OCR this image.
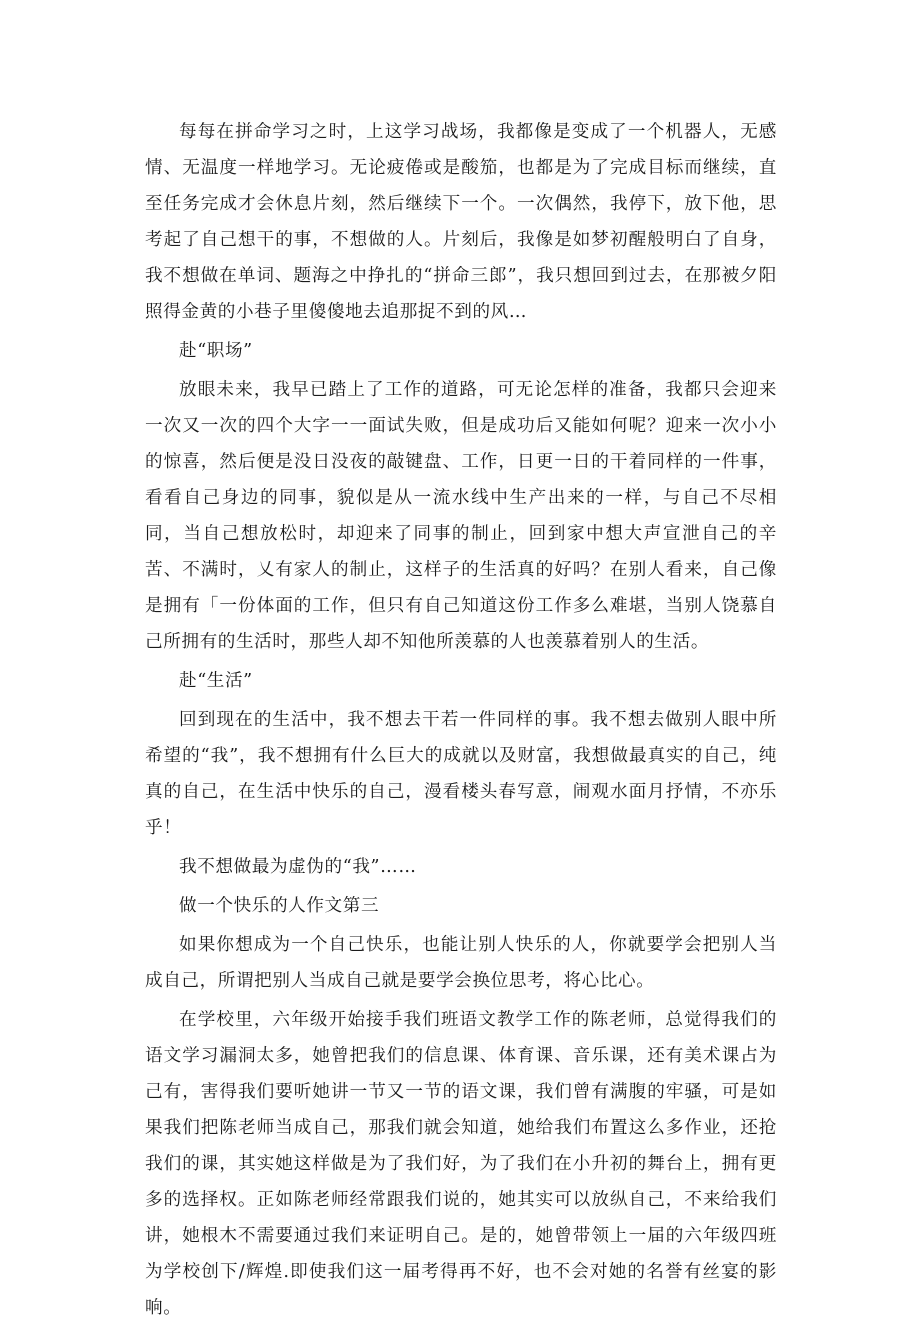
每每在拼命学习之时，上这学习战场，我都像是变成了一个机器人，无感情、无温度一样地学习。无论疲倦或是酸笳，也都是为了完成目标而继续，直至任务完成才会休息片刻，然后继续下一个。一次偶然，我停下，放下他，思考起了自己想干的事，不想做的人。片刻后，我像是如梦初醒般明白了自身，我不想做在单词、题海之中挣扎的“拼命三郎”，我只想回到过去，在那被夕阳照得金黄的小巷子里傻傻地去追那捉不到的风…

赴“职场”

放眼未来，我早已踏上了工作的道路，可无论怎样的准备，我都只会迎来一次又一次的四个大字一一面试失败，但是成功后又能如何呢？迎来一次小小的惊喜，然后便是没日没夜的敲键盘、工作，日更一日的干着同样的一件事，看看自己身边的同事，貌似是从一流水线中生产出来的一样，与自己不尽相同，当自己想放松时，却迎来了同事的制止，回到家中想大声宣泄自己的辛苦、不满时，乂有家人的制止，这样子的生活真的好吗？在别人看来，自己像是拥有「一份体面的工作，但只有自己知道这份工作多么难堪，当别人饶慕自己所拥有的生活时，那些人却不知他所羡慕的人也羡慕着别人的生活。

赴“生活”

回到现在的生活中，我不想去干若一件同样的事。我不想去做别人眼中所希望的“我”，我不想拥有什么巨大的成就以及财富，我想做最真实的自己，纯真的自己，在生活中快乐的自己，漫看楼头春写意，闹观水面月抒情，不亦乐乎！

我不想做最为虚伪的“我”……

做一个快乐的人作文第三

如果你想成为一个自己快乐，也能让别人快乐的人，你就要学会把别人当成自己，所谓把别人当成自己就是要学会换位思考，将心比心。

在学校里，六年级开始接手我们班语文教学工作的陈老师，总觉得我们的语文学习漏洞太多，她曾把我们的信息课、体育课、音乐课，还有美术课占为己有，害得我们要听她讲一节又一节的语文课，我们曾有满腹的牢骚，可是如果我们把陈老师当成自己，那我们就会知道，她给我们布置这么多作业，还抢我们的课，其实她这样做是为了我们好，为了我们在小升初的舞台上，拥有更多的选择权。正如陈老师经常跟我们说的，她其实可以放纵自己，不来给我们讲，她根木不需要通过我们来证明自己。是的，她曾带领上一届的六年级四班为学校创下/辉煌.即使我们这一届考得再不好，也不会对她的名誉有丝宴的影响。
